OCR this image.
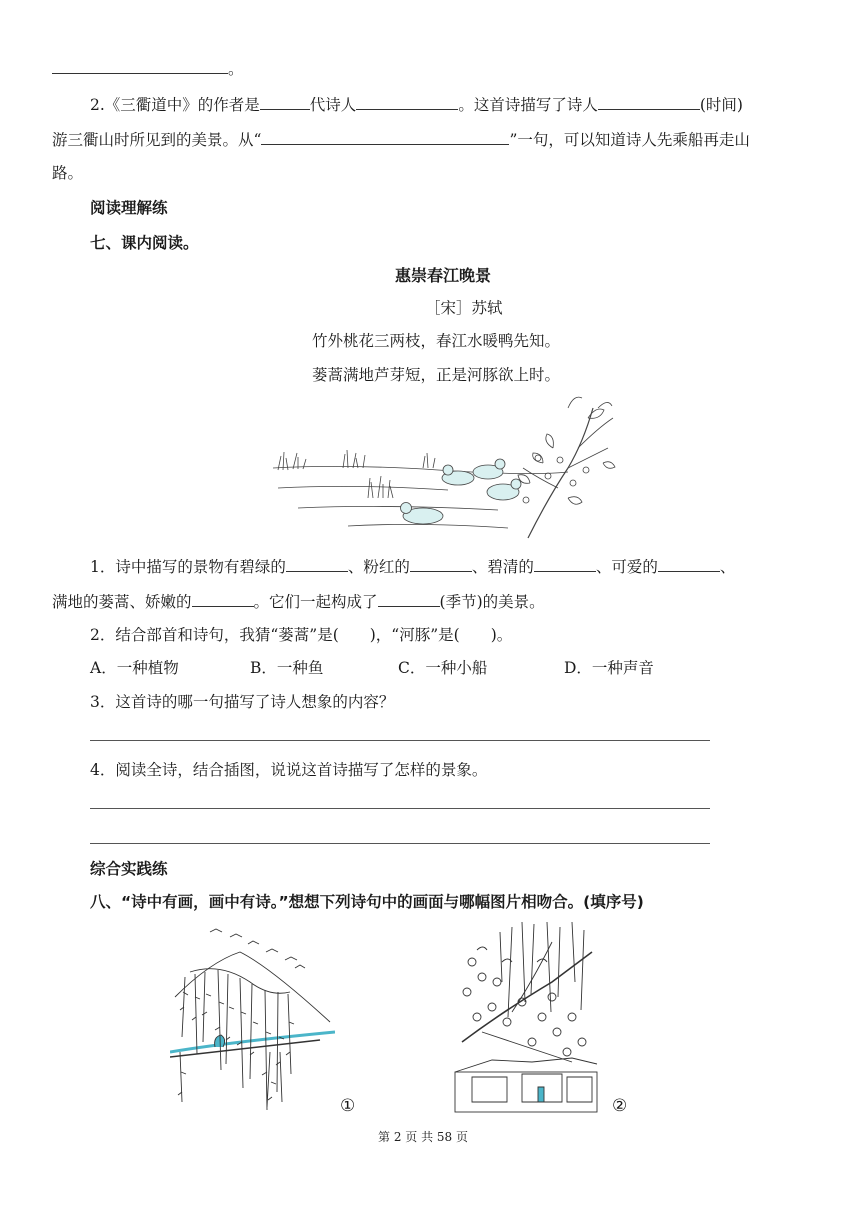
。
2.《三衢道中》的作者是	代诗人	。这首诗描写了诗人	(时间)
游三衢山时所见到的美景。从“	”一句，可以知道诗人先乘船再走山
路。
阅读理解练
七、课内阅读。
惠崇春江晚景
［宋］苏轼
竹外桃花三两枝，春江水暖鸭先知。
蒌蒿满地芦芽短，正是河豚欲上时。
1．诗中描写的景物有碧绿的	、粉红的	、碧清的	、可爱的	、
满地的蒌蒿、娇嫩的	。它们一起构成了	(季节)的美景。
2．结合部首和诗句，我猜“蒌蒿”是(　　)，“河豚”是(　　)。
A．一种植物	B．一种鱼	C．一种小船	D．一种声音
3．这首诗的哪一句描写了诗人想象的内容？
4．阅读全诗，结合插图，说说这首诗描写了怎样的景象。
综合实践练
八、“诗中有画，画中有诗。”想想下列诗句中的画面与哪幅图片相吻合。(填序号)
①	②
第 2 页 共 58 页
